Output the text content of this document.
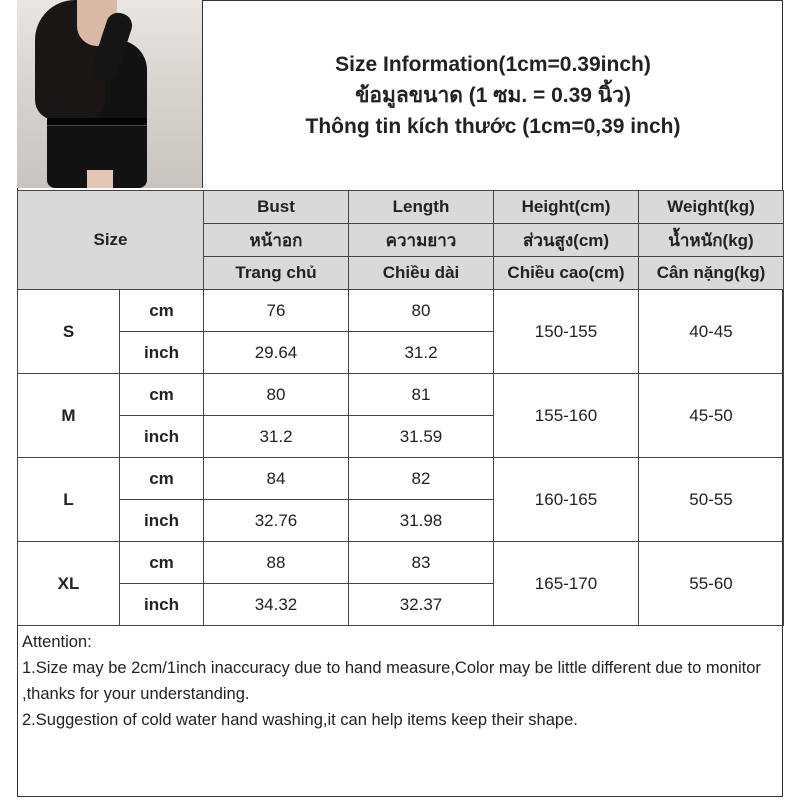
Size Information(1cm=0.39inch)
ข้อมูลขนาด (1 ซม. = 0.39 นิ้ว)
Thông tin kích thước (1cm=0,39 inch)
Size		Bust	Length	Height(cm)	Weight(kg)
		หน้าอก	ความยาว	ส่วนสูง(cm)	น้ำหนัก(kg)
		Trang chủ	Chiều dài	Chiều cao(cm)	Cân nặng(kg)
S	cm	76	80	150-155	40-45
	inch	29.64	31.2		
M	cm	80	81	155-160	45-50
	inch	31.2	31.59		
L	cm	84	82	160-165	50-55
	inch	32.76	31.98		
XL	cm	88	83	165-170	55-60
	inch	34.32	32.37		
Attention:
1.Size may be 2cm/1inch inaccuracy due to hand measure,Color may be little different due to monitor ,thanks for your understanding.
2.Suggestion of cold water hand washing,it can help items keep their shape.
